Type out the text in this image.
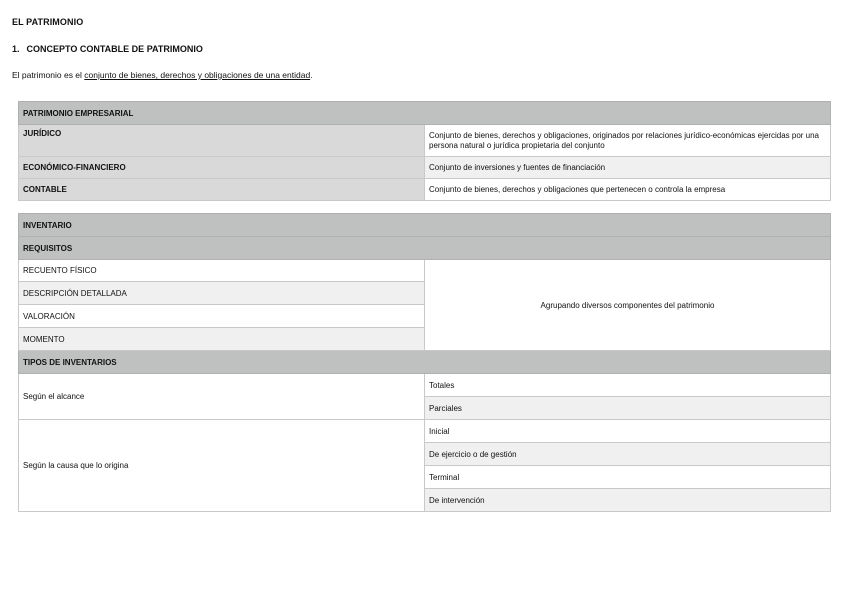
EL PATRIMONIO
1. CONCEPTO CONTABLE DE PATRIMONIO
El patrimonio es el conjunto de bienes, derechos y obligaciones de una entidad.
PATRIMONIO EMPRESARIAL	
JURÍDICO	Conjunto de bienes, derechos y obligaciones, originados por relaciones jurídico-económicas ejercidas por una persona natural o jurídica propietaria del conjunto
ECONÓMICO-FINANCIERO	Conjunto de inversiones y fuentes de financiación
CONTABLE	Conjunto de bienes, derechos y obligaciones que pertenecen o controla la empresa
INVENTARIO	
REQUISITOS	
RECUENTO FÍSICO	Agrupando diversos componentes del patrimonio
DESCRIPCIÓN DETALLADA	
VALORACIÓN	
MOMENTO	
TIPOS DE INVENTARIOS	
Según el alcance	Totales
	Parciales
Según la causa que lo origina	Inicial
	De ejercicio o de gestión
	Terminal
	De intervención
